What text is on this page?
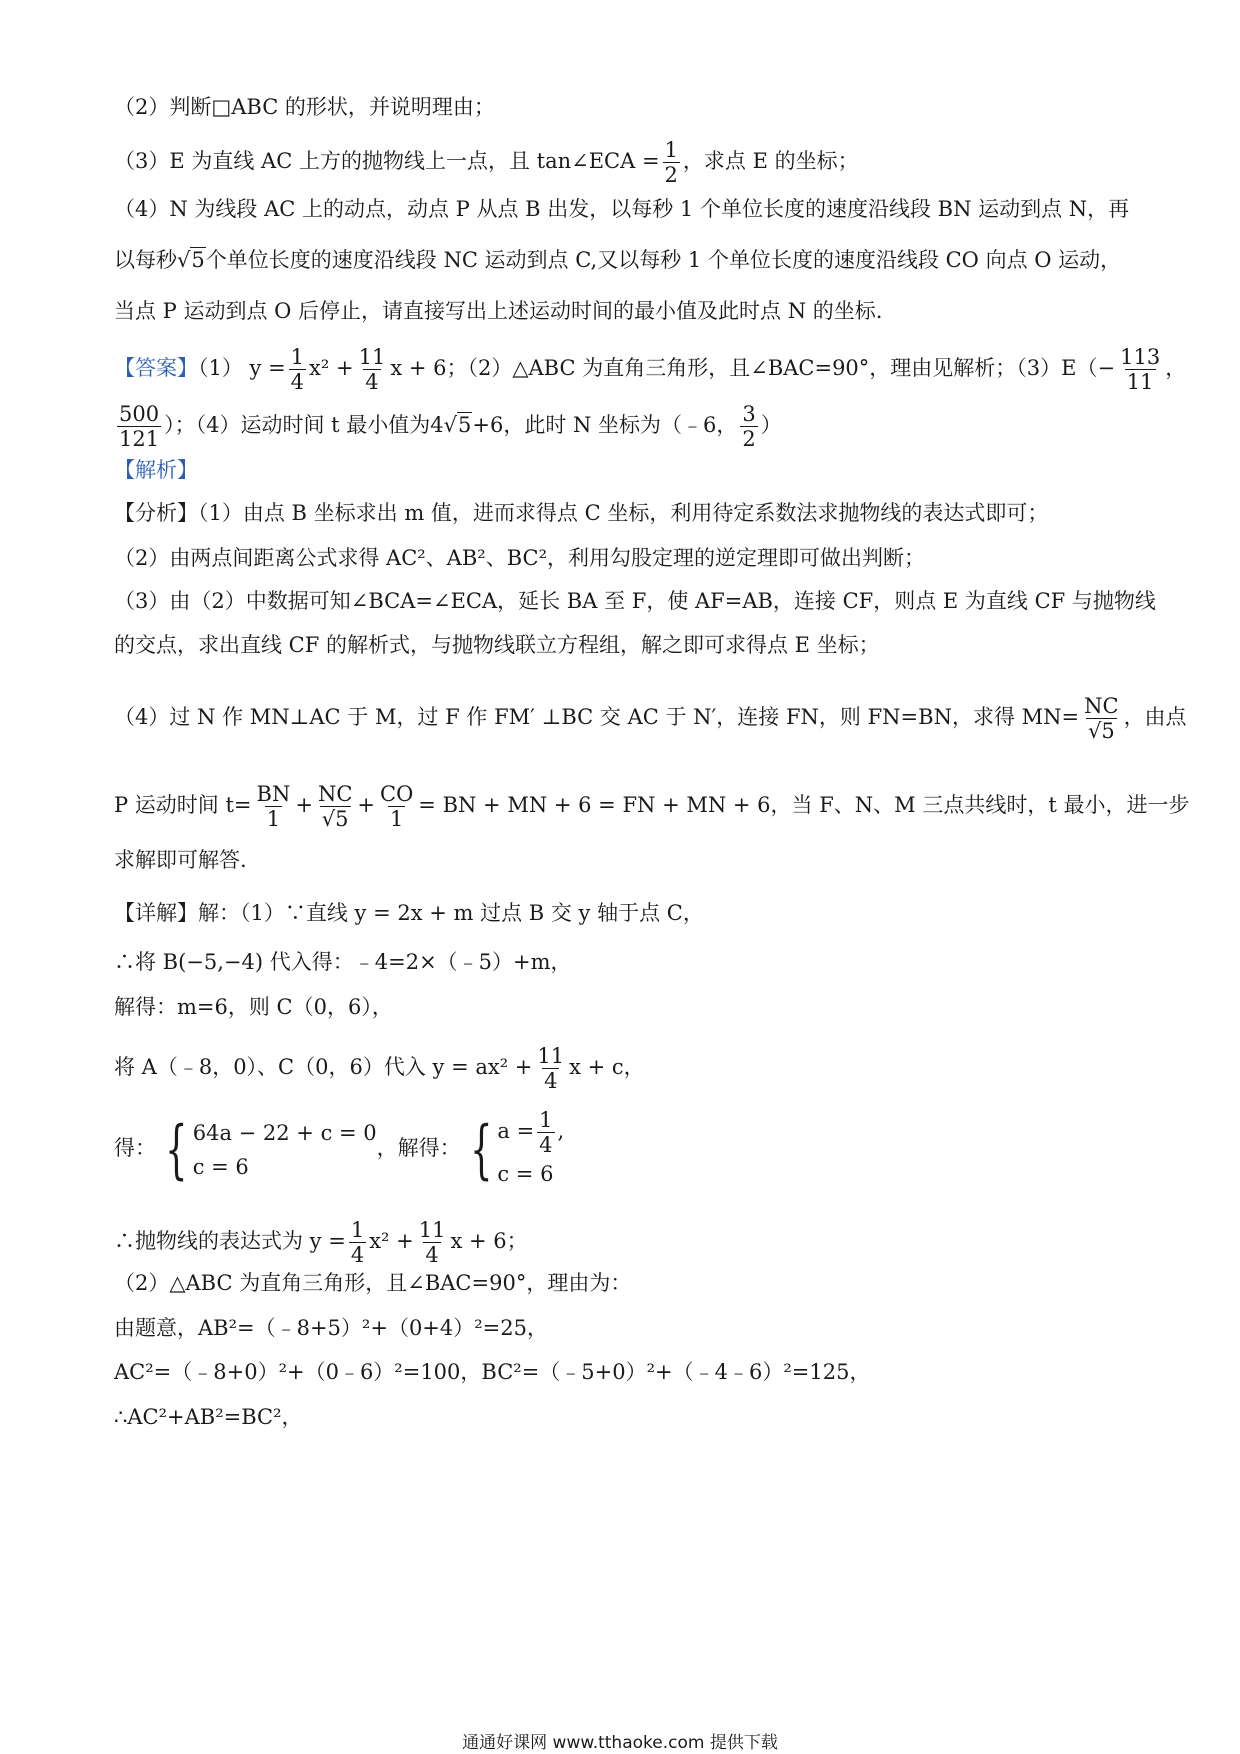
（2）判断□ABC 的形状，并说明理由；
（3）E 为直线 AC 上方的抛物线上一点，且 tan∠ECA = $\frac{1}{2}$ ，求点 E 的坐标；
（4）N 为线段 AC 上的动点，动点 P 从点 B 出发，以每秒 1 个单位长度的速度沿线段 BN 运动到点 N，再
以每秒√5个单位长度的速度沿线段 NC 运动到点 C,又以每秒 1 个单位长度的速度沿线段 CO 向点 O 运动，
当点 P 运动到点 O 后停止，请直接写出上述运动时间的最小值及此时点 N 的坐标.
【答案】（1） $y = \frac{1}{4} x^2 + \frac{11}{4}$ x + 6；（2）△ABC 为直角三角形，且∠BAC=90°，理由见解析；$(3)E(- \frac{113}{11}$ ，
$\frac{500}{121}$ ）；（4）运动时间 t 最小值为4√5+6，此时 N 坐标为（﹣6， $\frac{3}{2}$ ）
【解析】
【分析】（1）由点 B 坐标求出 m 值，进而求得点 C 坐标，利用待定系数法求抛物线的表达式即可；
（2）由两点间距离公式求得 AC²、AB²、BC²，利用勾股定理的逆定理即可做出判断；
（3）由（2）中数据可知∠BCA=∠ECA，延长 BA 至 F，使 AF=AB，连接 CF，则点 E 为直线 CF 与抛物线
的交点，求出直线 CF 的解析式，与抛物线联立方程组，解之即可求得点 E 坐标；
（4）过 N 作 MN⊥AC 于 M，过 F 作 FM′ ⊥BC 交 AC 于 N′，连接 FN，则 FN=BN，求得 $MN= \frac{NC}{√5}$ ，由点
P 运动时间 $t= \frac{BN}{1} + \frac{NC}{√5} + \frac{CO}{1}$ = BN + MN + 6 = FN + MN + 6，当 F、N、M 三点共线时，t 最小，进一步
求解即可解答.
【详解】解：（1）∵直线 y = 2x + m 过点 B 交 y 轴于点 C，
∴将 B(−5,−4) 代入得：﹣4=2×（﹣5）+m，
解得：m=6，则 C（0，6），
将 A（﹣8，0）、C（0，6）代入 $y = ax^2 + \frac{11}{4}$ x + c，
得： { 64a − 22 + c = 0
c = 6
，解得： { $a = \frac{1}{4}$ ,
c = 6
∴抛物线的表达式为 $y = \frac{1}{4} x^2 + \frac{11}{4}$ x + 6；
（2）△ABC 为直角三角形，且∠BAC=90°，理由为：
由题意，AB²=（﹣8+5）²+（0+4）²=25，
AC²=（﹣8+0）²+（0﹣6）²=100，BC²=（﹣5+0）²+（﹣4﹣6）²=125，
∴AC²+AB²=BC²，
通通好课网 www.tthaoke.com 提供下载
